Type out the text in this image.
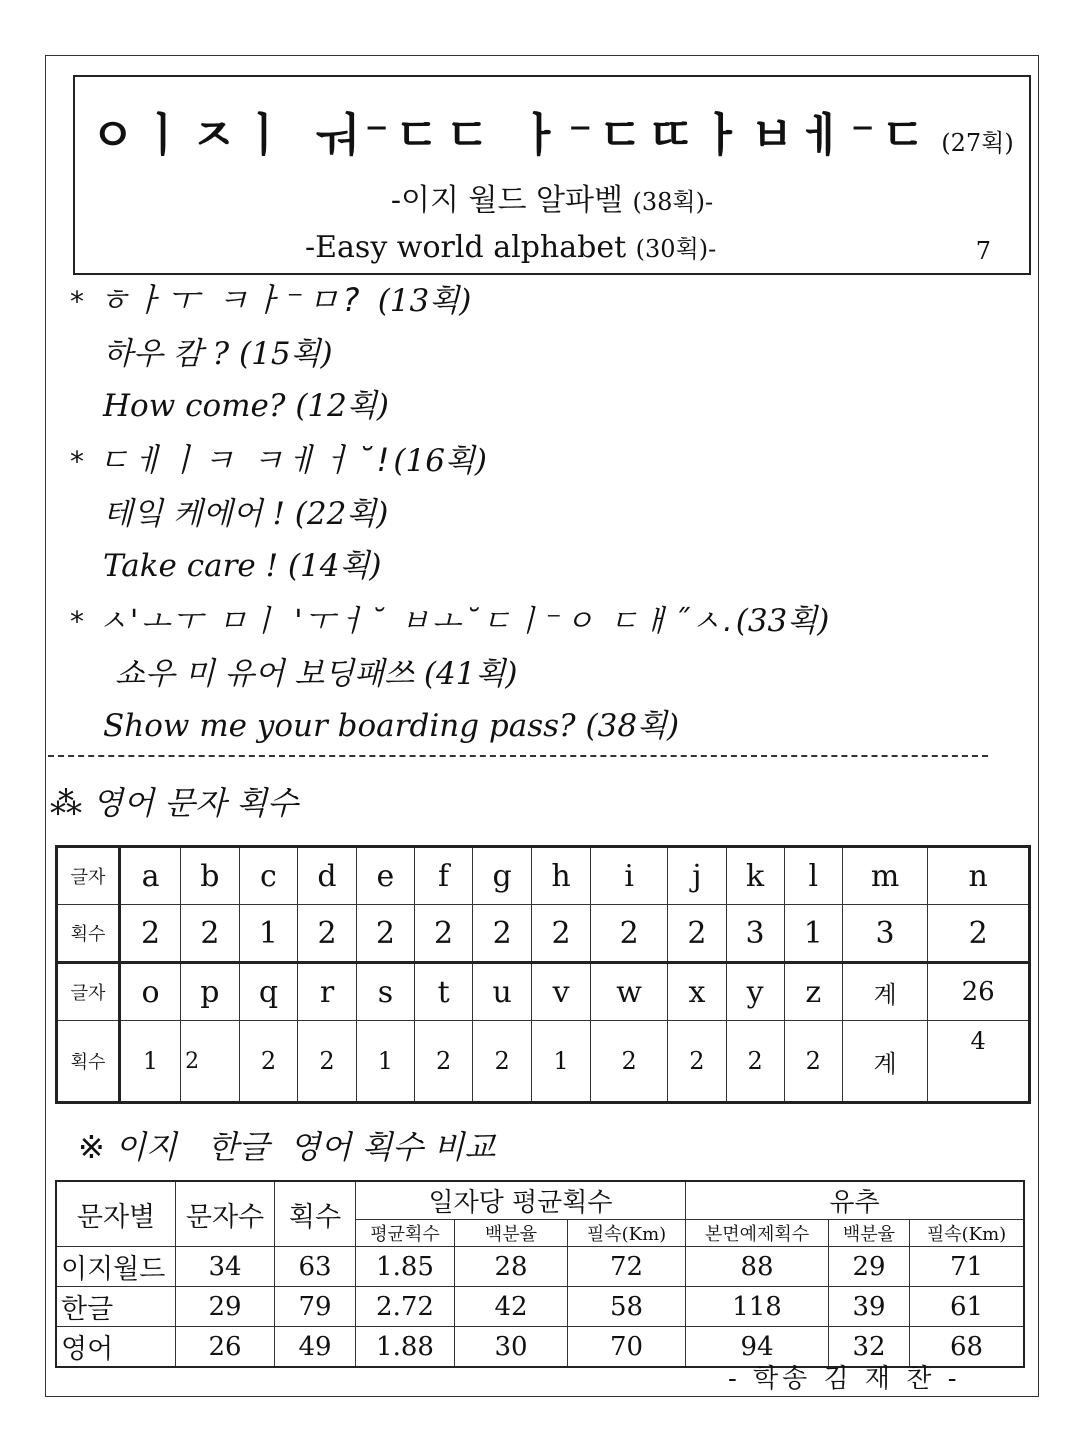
ㅇㅣㅈㅣ ㅝ⁻ㄷㄷ ㅏ⁻ㄷㄸㅏㅂㅔ⁻ㄷ (27획)
-이지 월드 알파벨 (38획)-
-Easy world alphabet (30획)-	7
* ㅎㅏㅜ ㅋㅏ⁻ㅁ? (13획)
하우 캄 ? (15획)
How come? (12획)
* ㄷㅔㅣㅋ ㅋㅔㅓ˘!(16획)
테잌 케에어 ! (22획)
Take care ! (14획)
* ㅅ'ㅗㅜ ㅁㅣ 'ㅜㅓ˘ ㅂㅗ˘ㄷㅣ⁻ㅇ ㄷㅐ˝ㅅ.(33획)
쇼우 미 유어 보딩패쓰 (41획)
Show me your boarding pass? (38획)
⁂ 영어 문자 획수
글자	a	b	c	d	e	f	g	h	i	j	k	l	m	n
획수	2	2	1	2	2	2	2	2	2	2	3	1	3	2
글자	o	p	q	r	s	t	u	v	w	x	y	z	계	26
획수	1	2	2	2	1	2	2	1	2	2	2	2	계	4
※ 이지   한글  영어 획수 비교
문자별	문자수	획수	일자당 평균획수			유추		
			평균획수	백분율	필속(Km)	본면예제획수	백분율	필속(Km)
이지월드	34	63	1.85	28	72	88	29	71
한글	29	79	2.72	42	58	118	39	61
영어	26	49	1.88	30	70	94	32	68
- 학송 김 재 찬 -
